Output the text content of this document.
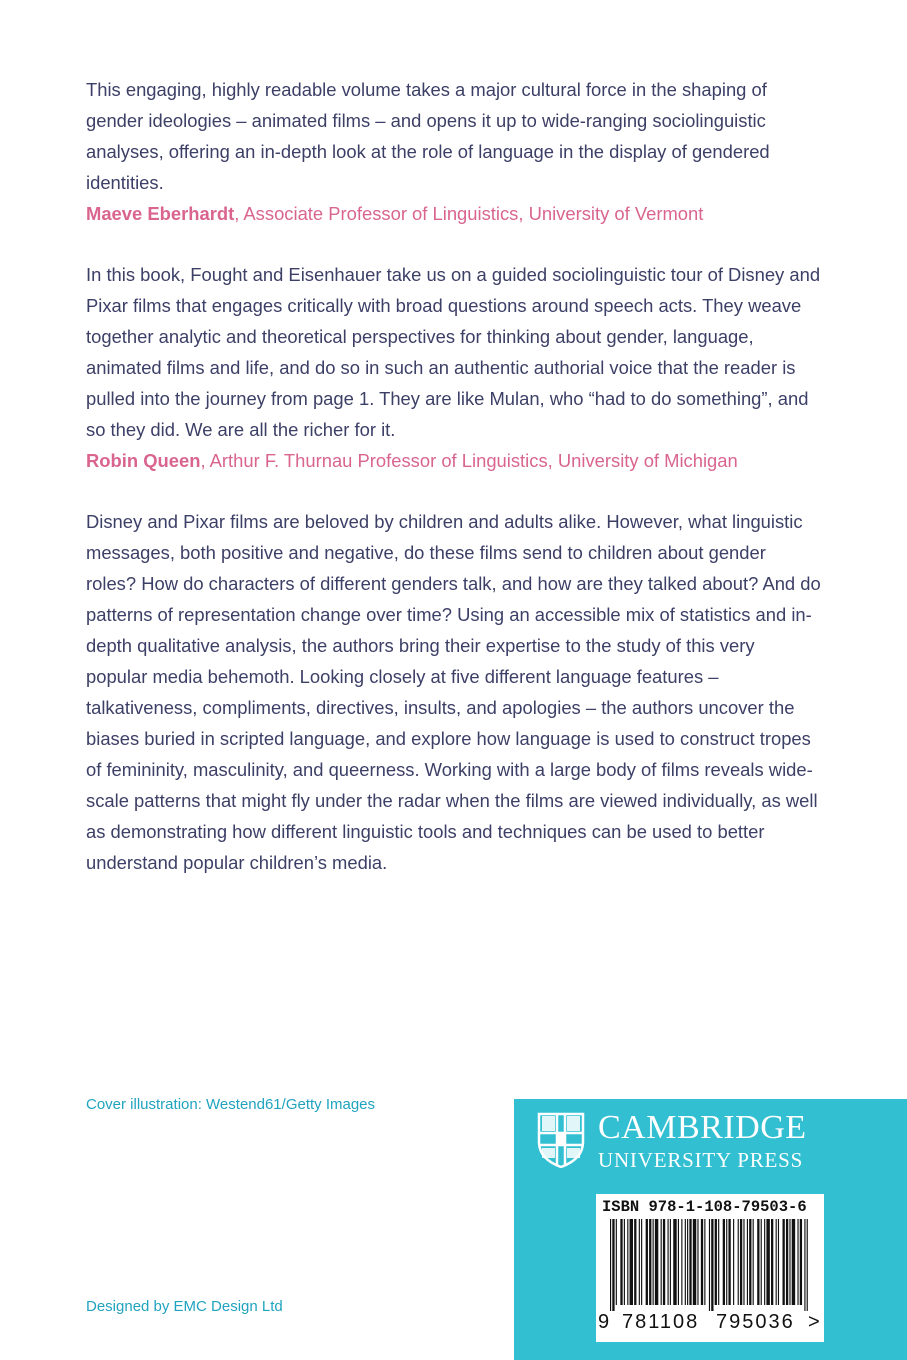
This engaging, highly readable volume takes a major cultural force in the shaping of gender ideologies – animated films – and opens it up to wide-ranging sociolinguistic analyses, offering an in-depth look at the role of language in the display of gendered identities.

Maeve Eberhardt, Associate Professor of Linguistics, University of Vermont

In this book, Fought and Eisenhauer take us on a guided sociolinguistic tour of Disney and Pixar films that engages critically with broad questions around speech acts. They weave together analytic and theoretical perspectives for thinking about gender, language, animated films and life, and do so in such an authentic authorial voice that the reader is pulled into the journey from page 1. They are like Mulan, who “had to do something”, and so they did. We are all the richer for it.

Robin Queen, Arthur F. Thurnau Professor of Linguistics, University of Michigan

Disney and Pixar films are beloved by children and adults alike. However, what linguistic messages, both positive and negative, do these films send to children about gender roles? How do characters of different genders talk, and how are they talked about? And do patterns of representation change over time? Using an accessible mix of statistics and in-depth qualitative analysis, the authors bring their expertise to the study of this very popular media behemoth. Looking closely at five different language features – talkativeness, compliments, directives, insults, and apologies – the authors uncover the biases buried in scripted language, and explore how language is used to construct tropes of femininity, masculinity, and queerness. Working with a large body of films reveals wide-scale patterns that might fly under the radar when the films are viewed individually, as well as demonstrating how different linguistic tools and techniques can be used to better understand popular children’s media.

Cover illustration: Westend61/Getty Images
Designed by EMC Design Ltd
CAMBRIDGE
UNIVERSITY PRESS
ISBN 978-1-108-79503-6
9 781108 795036 >
